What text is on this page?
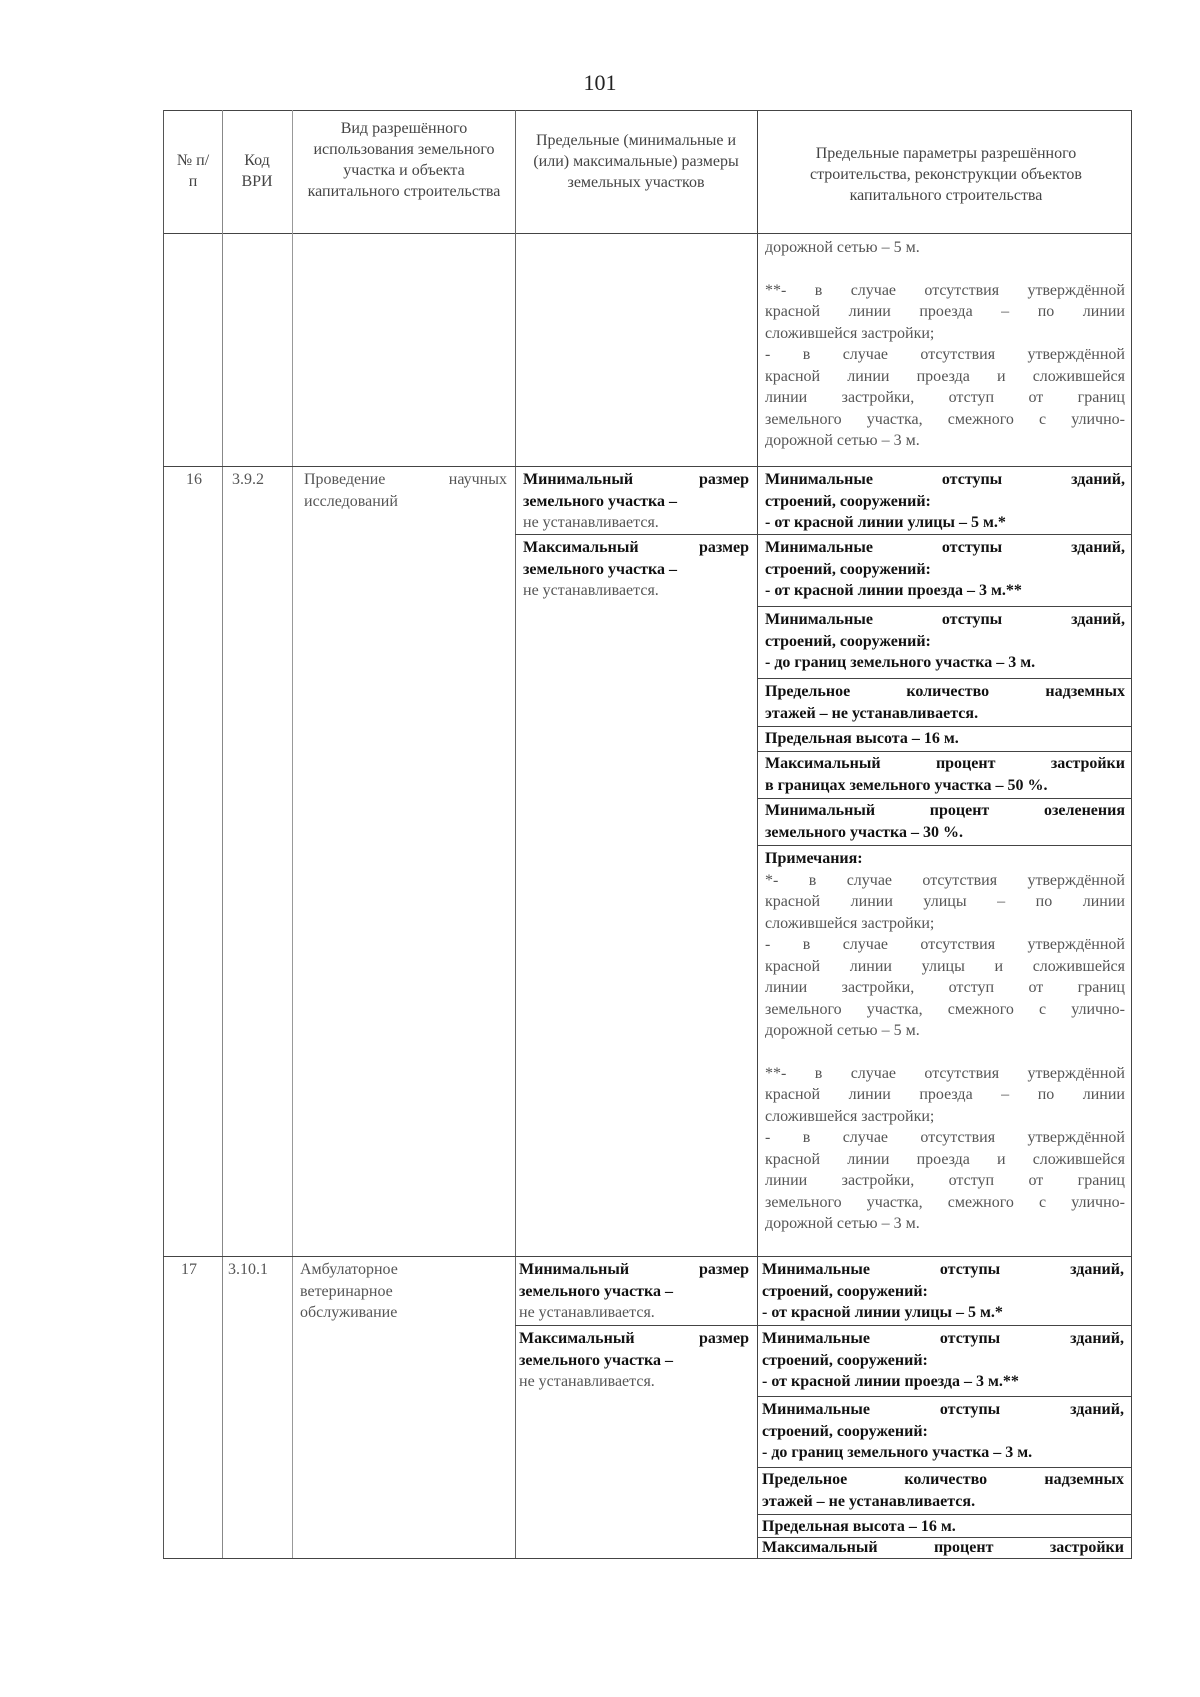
101
№ п/п
Код ВРИ
Вид разрешённого использования земельного участка и объекта капитального строительства
Предельные (минимальные и (или) максимальные) размеры земельных участков
Предельные параметры разрешённого строительства, реконструкции объектов капитального строительства

дорожной сетью – 5 м.

**- в случае отсутствия утверждённой

красной линии проезда – по линии

сложившейся застройки;

- в случае отсутствия утверждённой

красной линии проезда и сложившейся

линии застройки, отступ от границ

земельного участка, смежного с улично-

дорожной сетью – 3 м.

16 3.9.2	Проведение научных

исследований

Минимальный размер

земельного участка –

не устанавливается.

Максимальный размер

земельного участка –

не устанавливается.

Минимальные отступы зданий,

строений, сооружений:

- от красной линии улицы – 5 м.*

Минимальные отступы зданий,

строений, сооружений:

- от красной линии проезда – 3 м.**

Минимальные отступы зданий,

строений, сооружений:

- до границ земельного участка – 3 м.

Предельное количество надземных

этажей – не устанавливается.

Предельная высота – 16 м.

Максимальный процент застройки

в границах земельного участка – 50 %.

Минимальный процент озеленения

земельного участка – 30 %.

Примечания:

*- в случае отсутствия утверждённой

красной линии улицы – по линии

сложившейся застройки;

- в случае отсутствия утверждённой

красной линии улицы и сложившейся

линии застройки, отступ от границ

земельного участка, смежного с улично-

дорожной сетью – 5 м.

**- в случае отсутствия утверждённой

красной линии проезда – по линии

сложившейся застройки;

- в случае отсутствия утверждённой

красной линии проезда и сложившейся

линии застройки, отступ от границ

земельного участка, смежного с улично-

дорожной сетью – 3 м.

17 3.10.1 Амбулаторное

ветеринарное

обслуживание

Минимальный размер

земельного участка –

не устанавливается.

Максимальный размер

земельного участка –

не устанавливается.

Минимальные отступы зданий,

строений, сооружений:

- от красной линии улицы – 5 м.*

Минимальные отступы зданий,

строений, сооружений:

- от красной линии проезда – 3 м.**

Минимальные отступы зданий,

строений, сооружений:

- до границ земельного участка – 3 м.

Предельное количество надземных

этажей – не устанавливается.

Предельная высота – 16 м.

Максимальный процент застройки
